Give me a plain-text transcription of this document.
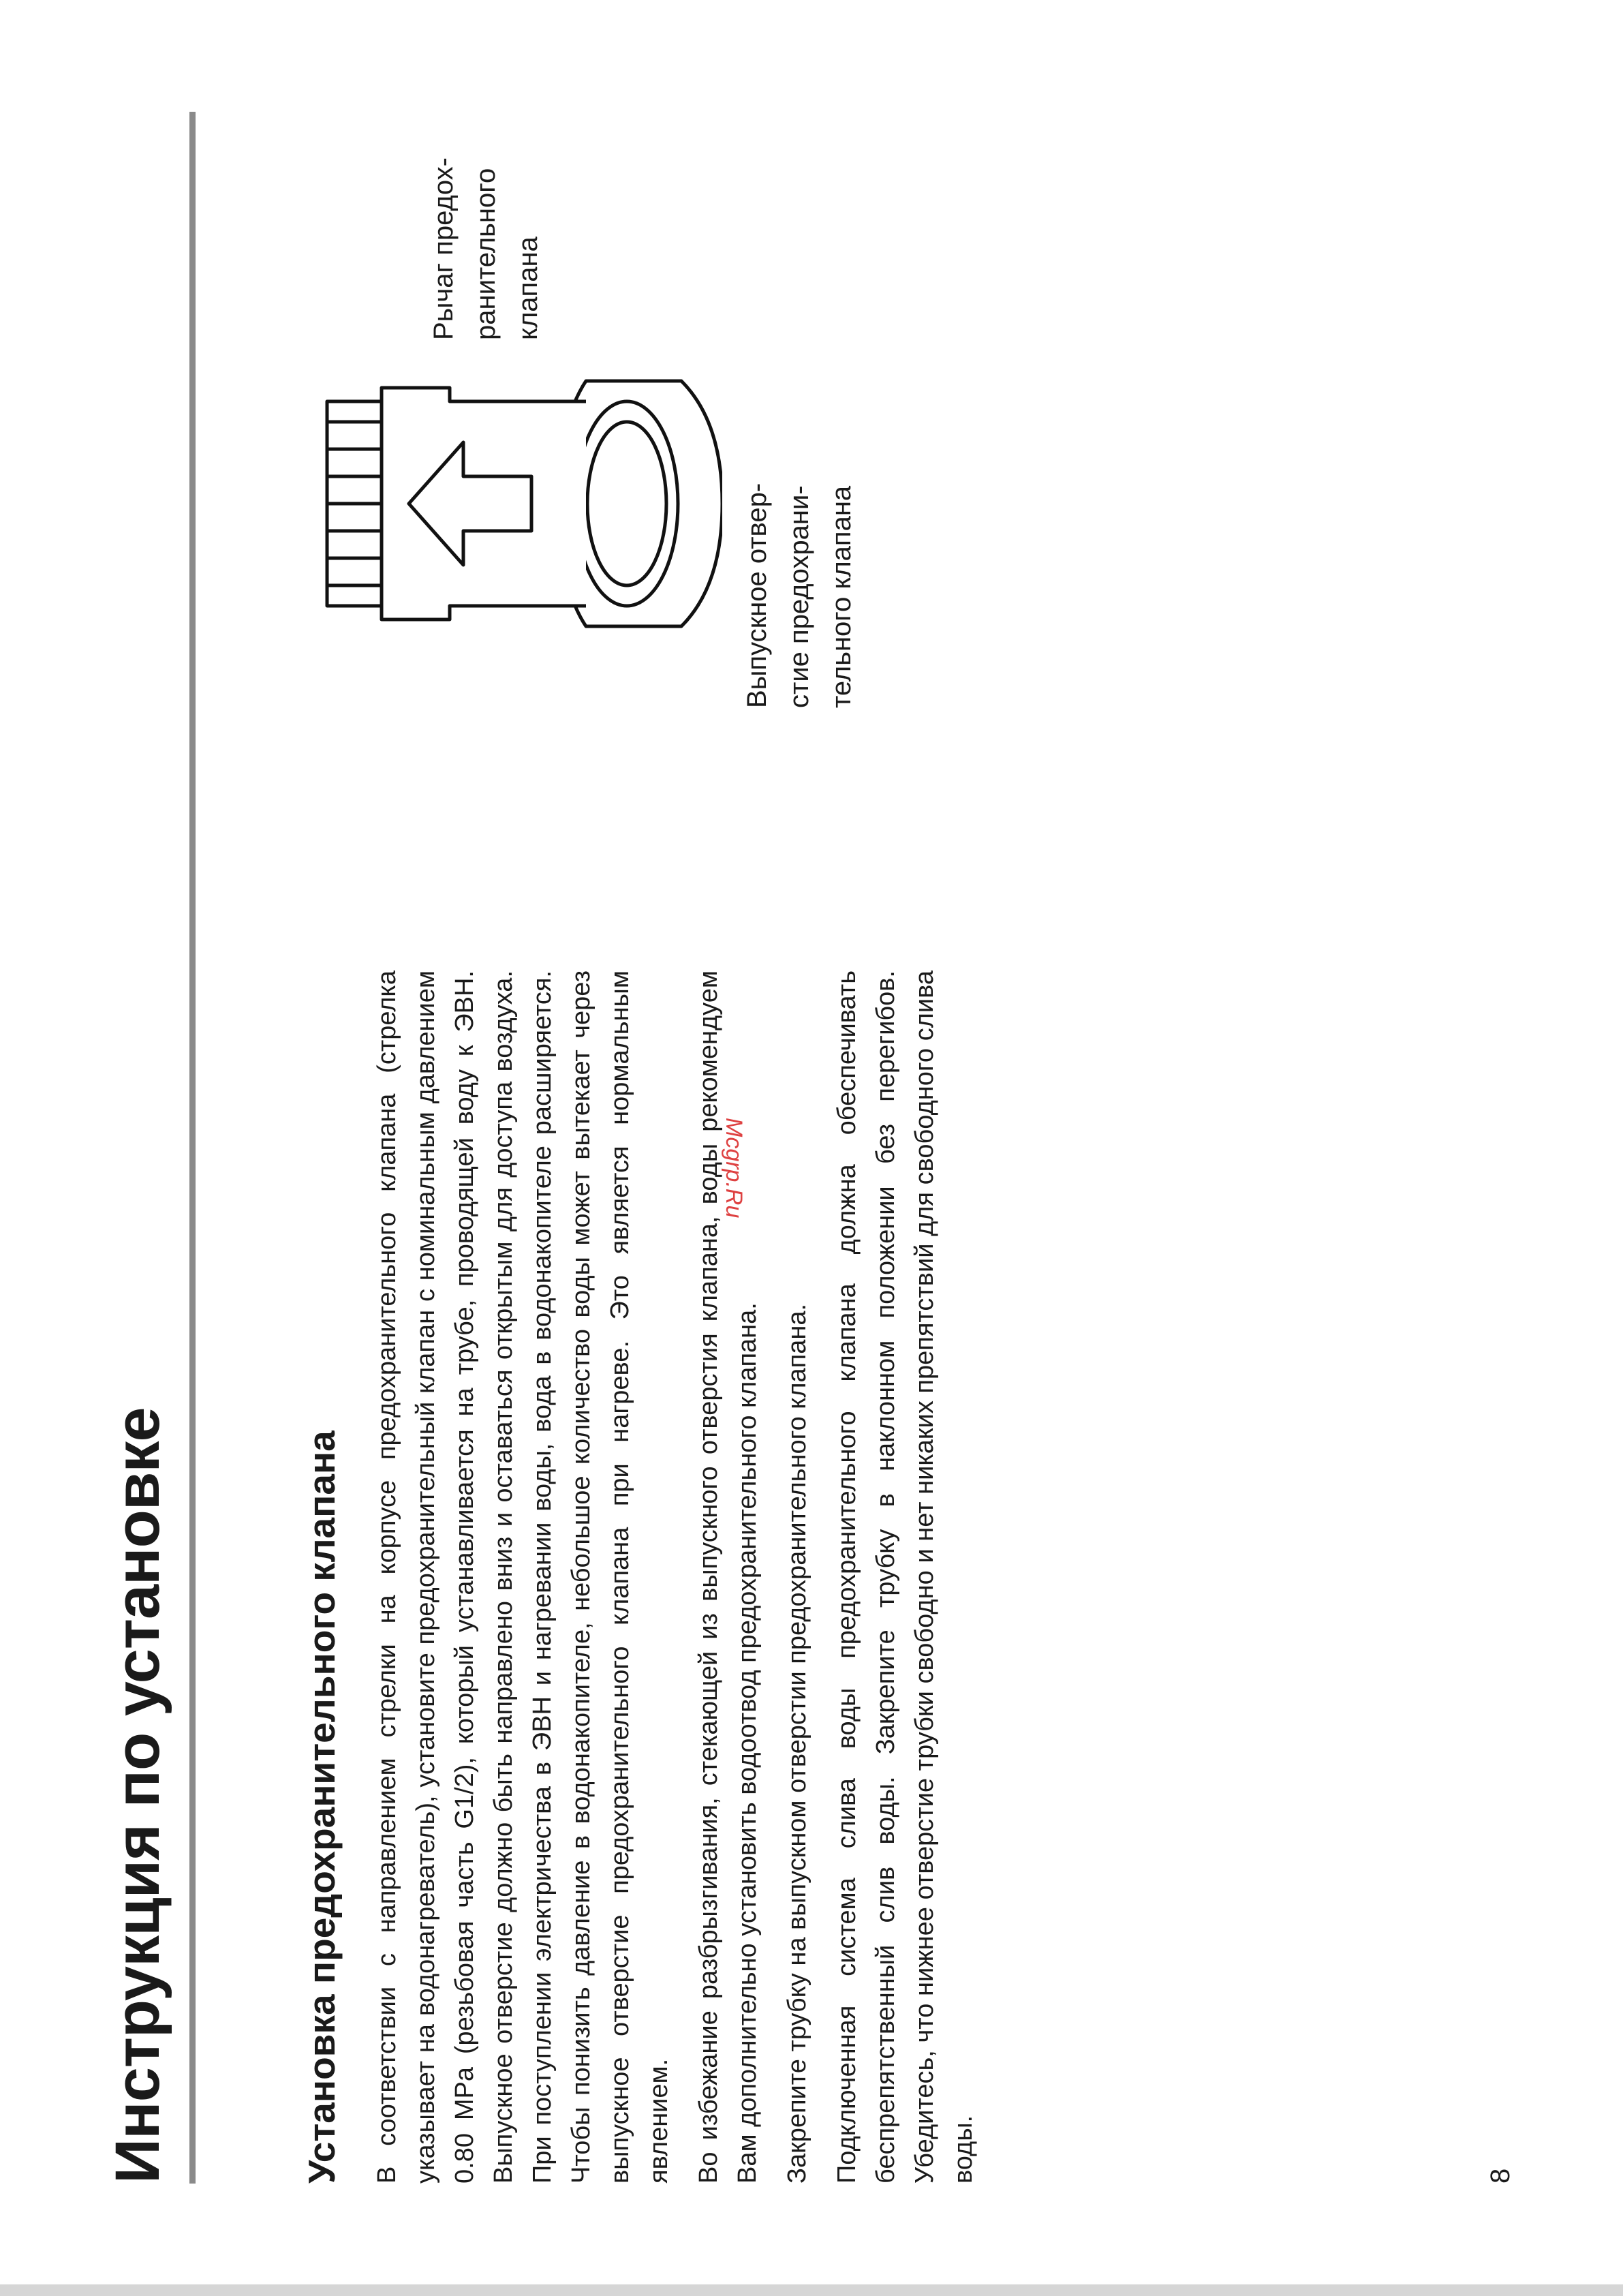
Инструкция по установке	Установка предохранительного клапана В соответствии с направлением стрелки на корпусе предохранительного клапана (стрелка указывает на водонагреватель), установите предохранительный клапан с номинальным давлением 0.80 MPa (резьбовая часть G1/2), который устанавливается на трубе, проводящей воду к ЭВН. Выпускное отверстие должно быть направлено вниз и оставаться открытым для доступа воздуха. При поступлении электричества в ЭВН и нагревании воды, вода в водонакопителе расширяется. Чтобы понизить давление в водонакопителе, небольшое количество воды может вытекает через выпускное отверстие предохранительного клапана при нагреве. Это является нормальным явлением. Во избежание разбрызгивания, стекающей из выпускного отверстия клапана, воды рекомендуем Вам дополнительно установить водоотвод предохранительного клапана. Закрепите трубку на выпускном отверстии предохранительного клапана. Подключенная система слива воды предохранительного клапана должна обеспечивать беспрепятственный слив воды. Закрепите трубку в наклонном положении без перегибов. Убедитесь, что нижнее отверстие трубки свободно и нет никаких препятствий для свободного слива воды.

Выпускное отвер-
стие предохрани-
тельного клапана
Рычаг предох-
ранительного
клапана
8
Mcgrp.Ru
